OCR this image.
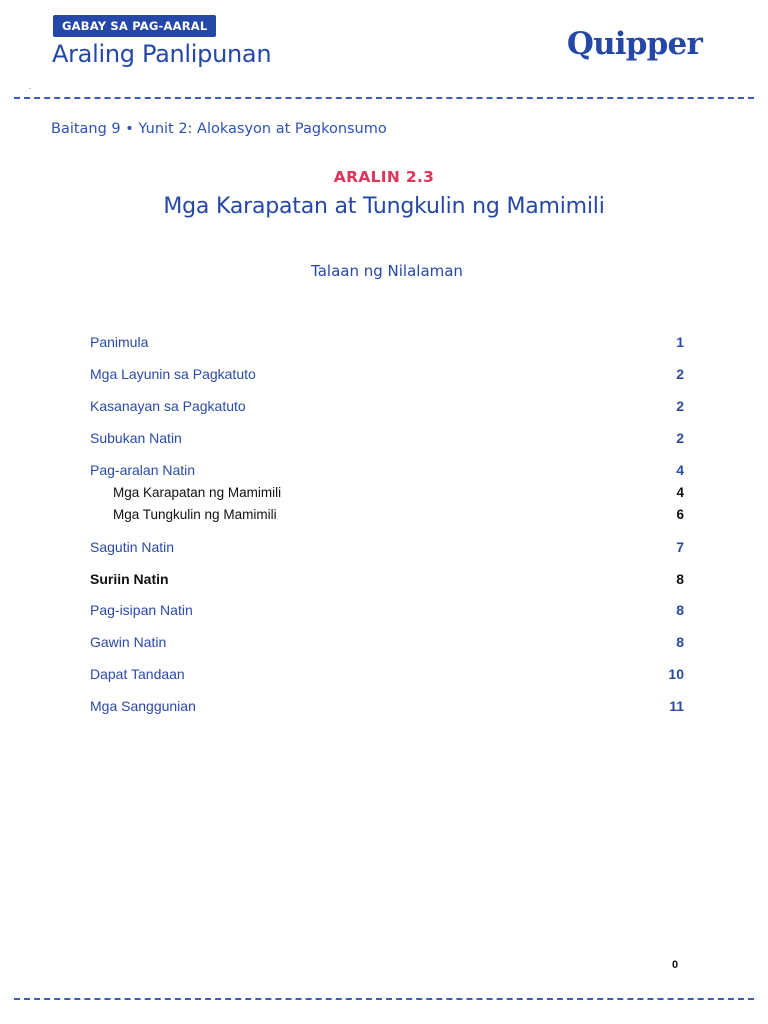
GABAY SA PAG-AARAL
Araling Panlipunan	Quipper
Baitang 9 • Yunit 2: Alokasyon at Pagkonsumo
ARALIN 2.3
Mga Karapatan at Tungkulin ng Mamimili
Talaan ng Nilalaman
Panimula	1
Mga Layunin sa Pagkatuto	2
Kasanayan sa Pagkatuto	2
Subukan Natin	2
Pag-aralan Natin	4
Mga Karapatan ng Mamimili	4
Mga Tungkulin ng Mamimili	6
Sagutin Natin	7
Suriin Natin	8
Pag-isipan Natin	8
Gawin Natin	8
Dapat Tandaan	10
Mga Sanggunian	11
0
